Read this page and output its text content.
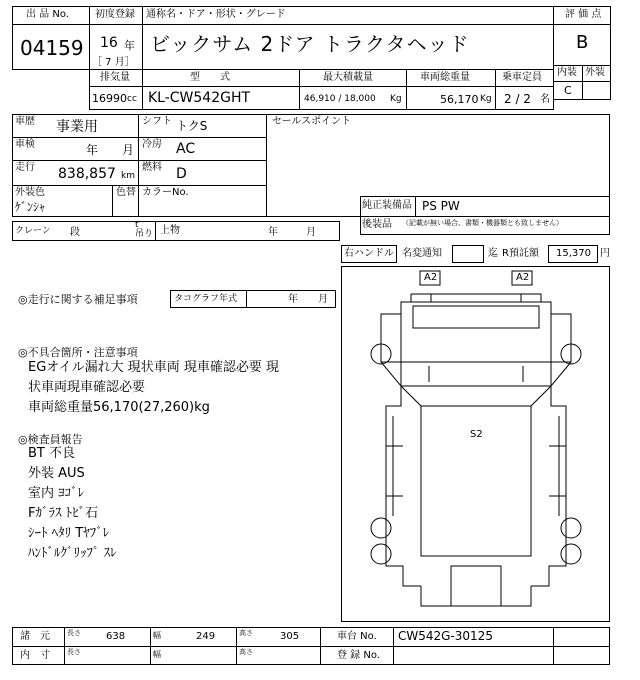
出 品 No.
04159
初度登録
16 年
［ 7 月］
通称名・ドア・形状・グレード
ビックサム 2ドア トラクタヘッド
評 価 点
B
内装 外装
C
排気量
16990 cc
型　　式
KL-CW542GHT
最大積載量
46,910 / 18,000 Kg
車両総重量
56,170 Kg
乗車定員
2 / 2 名
車歴 事業用
車検	年 月
走行 838,857 km
外装色
ｹﾞﾝｼｬ
色替 カラーNo.
シフト トクS
冷房 AC
燃料 D
セールスポイント
純正装備品 PS PW
後装品 （記載が無い場合、書類・機器類とも致しません）
クレーン 段
t
吊り 上物	年	月
右ハンドル 名変通知	迄 R預託額 15,370 円
◎走行に関する補足事項	タコグラフ年式	年 月
◎不具合箇所・注意事項
EGオイル漏れ大 現状車両 現車確認必要 現
状車両現車確認必要
車両総重量56,170(27,260)kg
◎検査員報告
BT 不良
外装 AUS
室内 ﾖｺﾞﾚ
Fｶﾞﾗｽ ﾄﾋﾞ石
ｼｰﾄ ﾍﾀﾘ Tﾔﾌﾞﾚ
ﾊﾝﾄﾞﾙｸﾞﾘｯﾌﾟ ｽﾚ
A2	A2
S2
諸　元 長さ	638	幅	249	高さ	305	車台 No. CW542G-30125
内　寸 長さ	幅	高さ	登 録 No.
